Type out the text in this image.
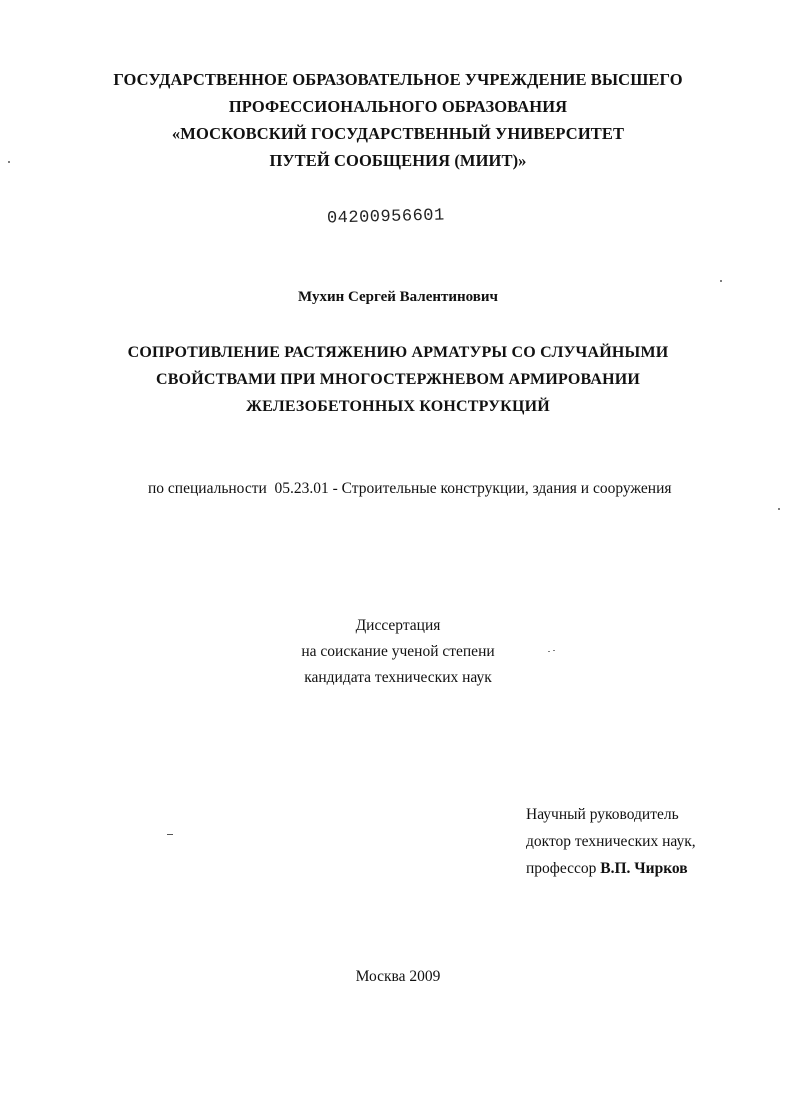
ГОСУДАРСТВЕННОЕ ОБРАЗОВАТЕЛЬНОЕ УЧРЕЖДЕНИЕ ВЫСШЕГО
ПРОФЕССИОНАЛЬНОГО ОБРАЗОВАНИЯ
«МОСКОВСКИЙ ГОСУДАРСТВЕННЫЙ УНИВЕРСИТЕТ
ПУТЕЙ СООБЩЕНИЯ (МИИТ)»
04200956601
Мухин Сергей Валентинович
СОПРОТИВЛЕНИЕ РАСТЯЖЕНИЮ АРМАТУРЫ СО СЛУЧАЙНЫМИ
СВОЙСТВАМИ ПРИ МНОГОСТЕРЖНЕВОМ АРМИРОВАНИИ
ЖЕЛЕЗОБЕТОННЫХ КОНСТРУКЦИЙ
по специальности 05.23.01 - Строительные конструкции, здания и сооружения
Диссертация
на соискание ученой степени
кандидата технических наук
Научный руководитель
доктор технических наук,
профессор В.П. Чирков
Москва 2009
